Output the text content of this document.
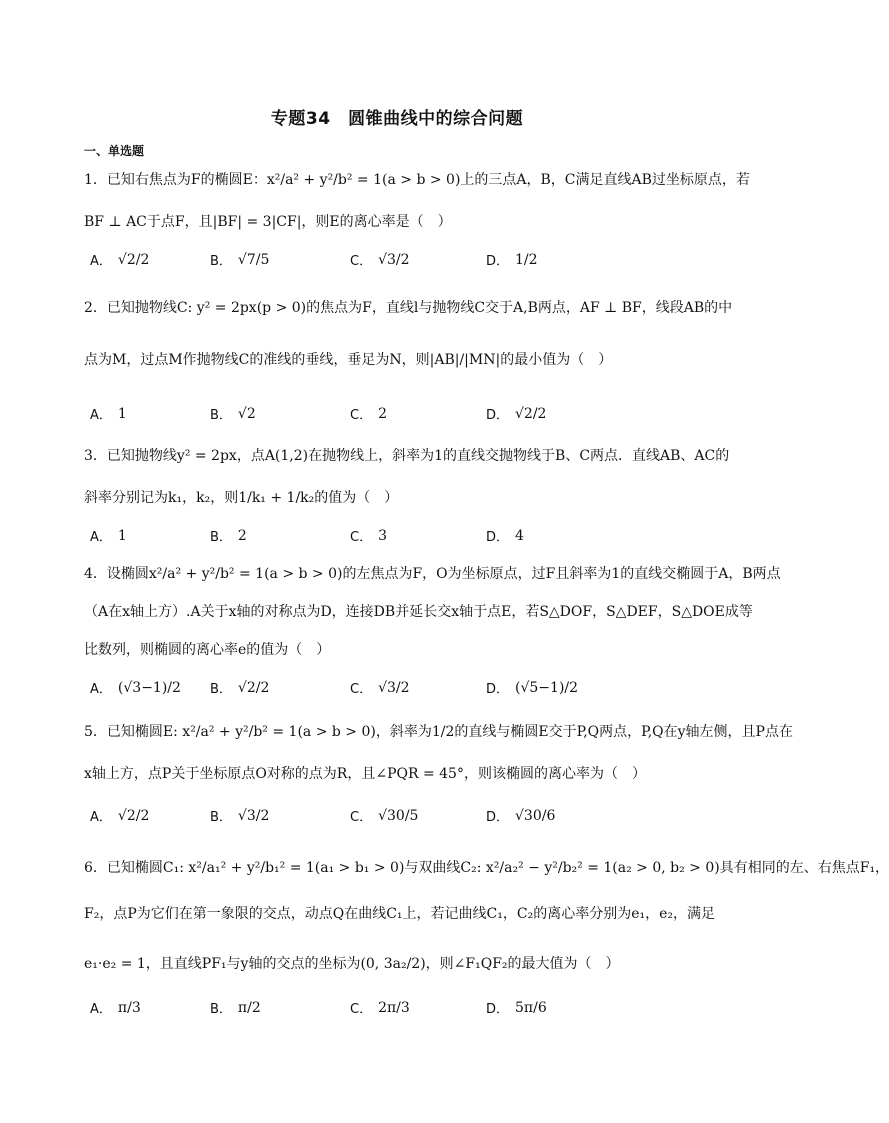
专题34　圆锥曲线中的综合问题
一、单选题
1．已知右焦点为F的椭圆E：x²/a² + y²/b² = 1(a > b > 0)上的三点A，B，C满足直线AB过坐标原点，若
BF ⊥ AC于点F，且|BF| = 3|CF|，则E的离心率是（　）
A． √2/2	B． √7/5	C． √3/2	D． 1/2
2．已知抛物线C: y² = 2px(p > 0)的焦点为F，直线l与抛物线C交于A,B两点，AF ⊥ BF，线段AB的中
点为M，过点M作抛物线C的准线的垂线，垂足为N，则|AB|/|MN|的最小值为（　）
A． 1	B． √2	C． 2	D． √2/2
3．已知抛物线y² = 2px，点A(1,2)在抛物线上，斜率为1的直线交抛物线于B、C两点．直线AB、AC的
斜率分别记为k₁，k₂，则1/k₁ + 1/k₂的值为（　）
A． 1	B． 2	C． 3	D． 4
4．设椭圆x²/a² + y²/b² = 1(a > b > 0)的左焦点为F，O为坐标原点，过F且斜率为1的直线交椭圆于A，B两点
（A在x轴上方）.A关于x轴的对称点为D，连接DB并延长交x轴于点E，若S△DOF，S△DEF，S△DOE成等
比数列，则椭圆的离心率e的值为（　）
A． (√3−1)/2 B． √2/2	C． √3/2	D． (√5−1)/2
5．已知椭圆E: x²/a² + y²/b² = 1(a > b > 0)，斜率为1/2的直线与椭圆E交于P,Q两点，P,Q在y轴左侧，且P点在
x轴上方，点P关于坐标原点O对称的点为R，且∠PQR = 45°，则该椭圆的离心率为（　）
A． √2/2	B． √3/2	C． √30/5	D． √30/6
6．已知椭圆C₁: x²/a₁² + y²/b₁² = 1(a₁ > b₁ > 0)与双曲线C₂: x²/a₂² − y²/b₂² = 1(a₂ > 0, b₂ > 0)具有相同的左、右焦点F₁，
F₂，点P为它们在第一象限的交点，动点Q在曲线C₁上，若记曲线C₁，C₂的离心率分别为e₁，e₂，满足
e₁·e₂ = 1，且直线PF₁与y轴的交点的坐标为(0, 3a₂/2)，则∠F₁QF₂的最大值为（　）
A． π/3	B． π/2	C． 2π/3	D． 5π/6
